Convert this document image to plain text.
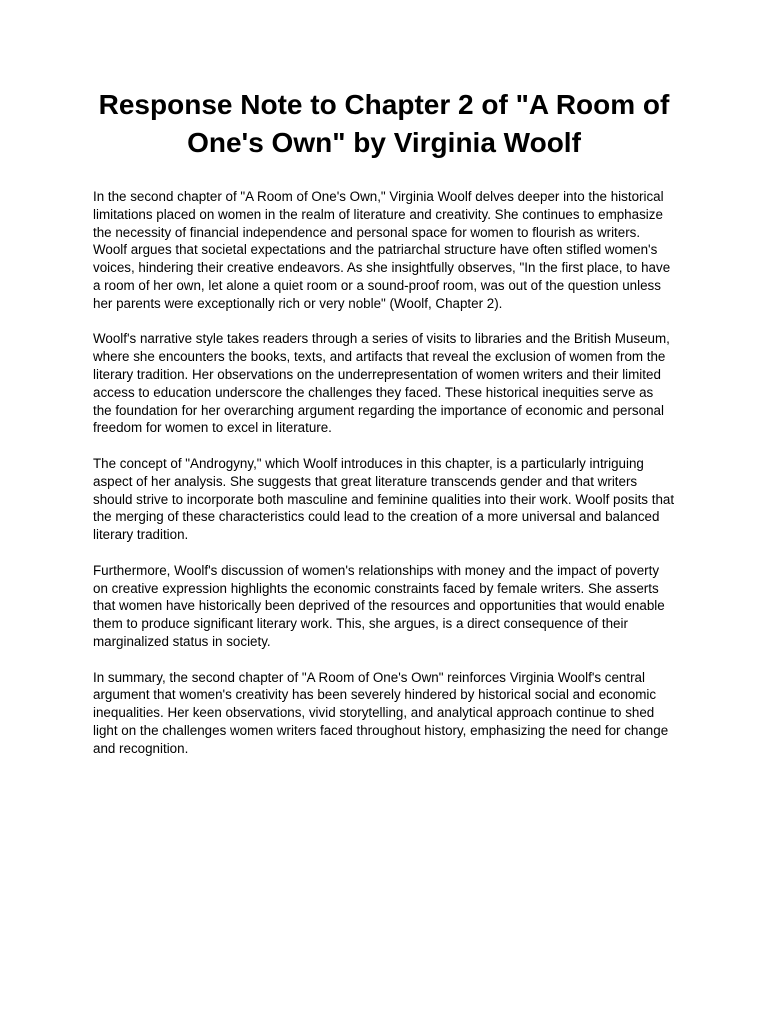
Response Note to Chapter 2 of "A Room of One's Own" by Virginia Woolf

In the second chapter of "A Room of One's Own," Virginia Woolf delves deeper into the historical limitations placed on women in the realm of literature and creativity. She continues to emphasize the necessity of financial independence and personal space for women to flourish as writers. Woolf argues that societal expectations and the patriarchal structure have often stifled women's voices, hindering their creative endeavors. As she insightfully observes, "In the first place, to have a room of her own, let alone a quiet room or a sound-proof room, was out of the question unless her parents were exceptionally rich or very noble" (Woolf, Chapter 2).

Woolf's narrative style takes readers through a series of visits to libraries and the British Museum, where she encounters the books, texts, and artifacts that reveal the exclusion of women from the literary tradition. Her observations on the underrepresentation of women writers and their limited access to education underscore the challenges they faced. These historical inequities serve as the foundation for her overarching argument regarding the importance of economic and personal freedom for women to excel in literature.

The concept of "Androgyny," which Woolf introduces in this chapter, is a particularly intriguing aspect of her analysis. She suggests that great literature transcends gender and that writers should strive to incorporate both masculine and feminine qualities into their work. Woolf posits that the merging of these characteristics could lead to the creation of a more universal and balanced literary tradition.

Furthermore, Woolf's discussion of women's relationships with money and the impact of poverty on creative expression highlights the economic constraints faced by female writers. She asserts that women have historically been deprived of the resources and opportunities that would enable them to produce significant literary work. This, she argues, is a direct consequence of their marginalized status in society.

In summary, the second chapter of "A Room of One's Own" reinforces Virginia Woolf's central argument that women's creativity has been severely hindered by historical social and economic inequalities. Her keen observations, vivid storytelling, and analytical approach continue to shed light on the challenges women writers faced throughout history, emphasizing the need for change and recognition.
